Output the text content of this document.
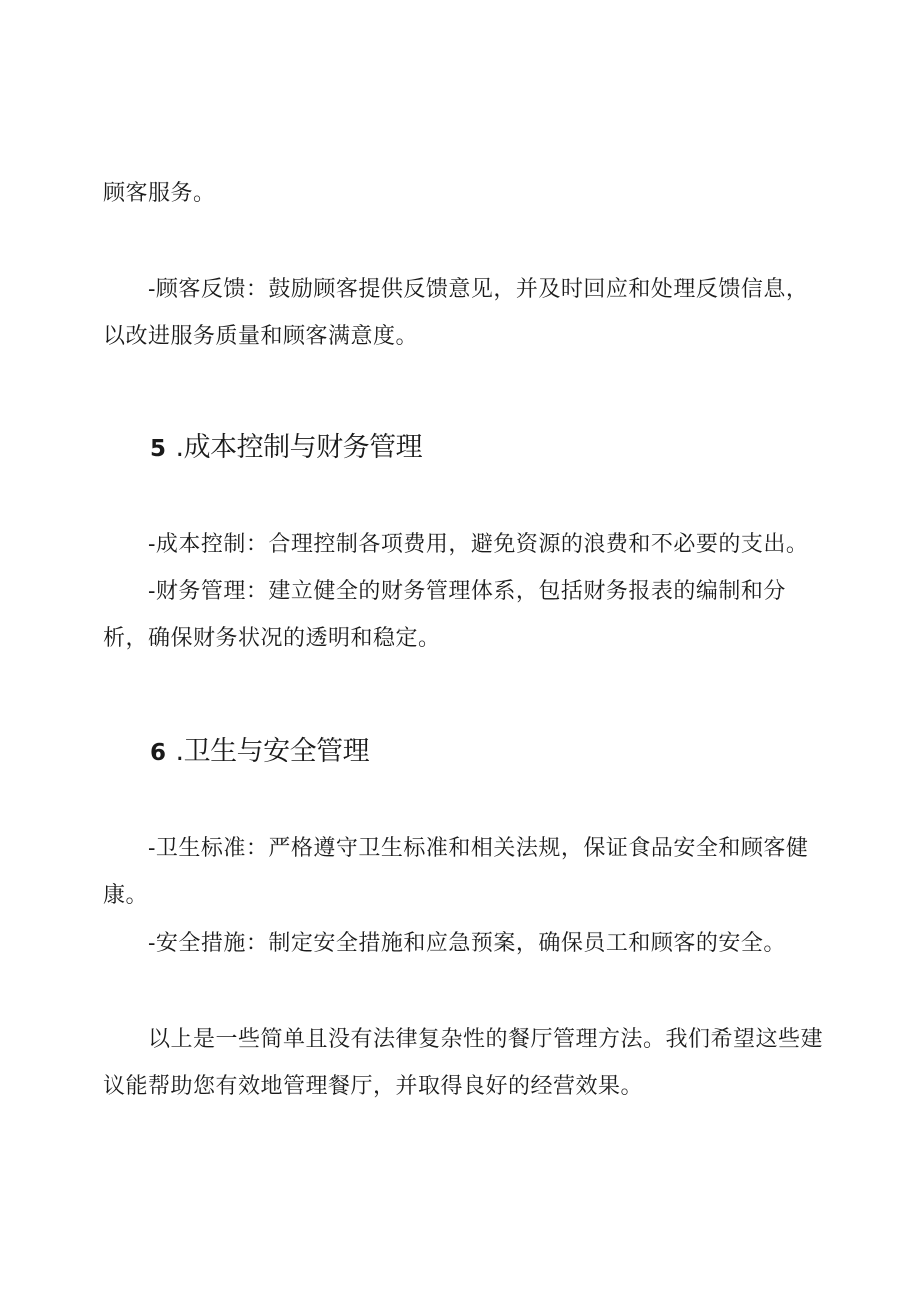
顾客服务。

-顾客反馈：鼓励顾客提供反馈意见，并及时回应和处理反馈信息，以改进服务质量和顾客满意度。

5 .成本控制与财务管理

-成本控制：合理控制各项费用，避免资源的浪费和不必要的支出。

-财务管理：建立健全的财务管理体系，包括财务报表的编制和分析，确保财务状况的透明和稳定。

6 .卫生与安全管理

-卫生标准：严格遵守卫生标准和相关法规，保证食品安全和顾客健康。

-安全措施：制定安全措施和应急预案，确保员工和顾客的安全。

以上是一些简单且没有法律复杂性的餐厅管理方法。我们希望这些建议能帮助您有效地管理餐厅，并取得良好的经营效果。
